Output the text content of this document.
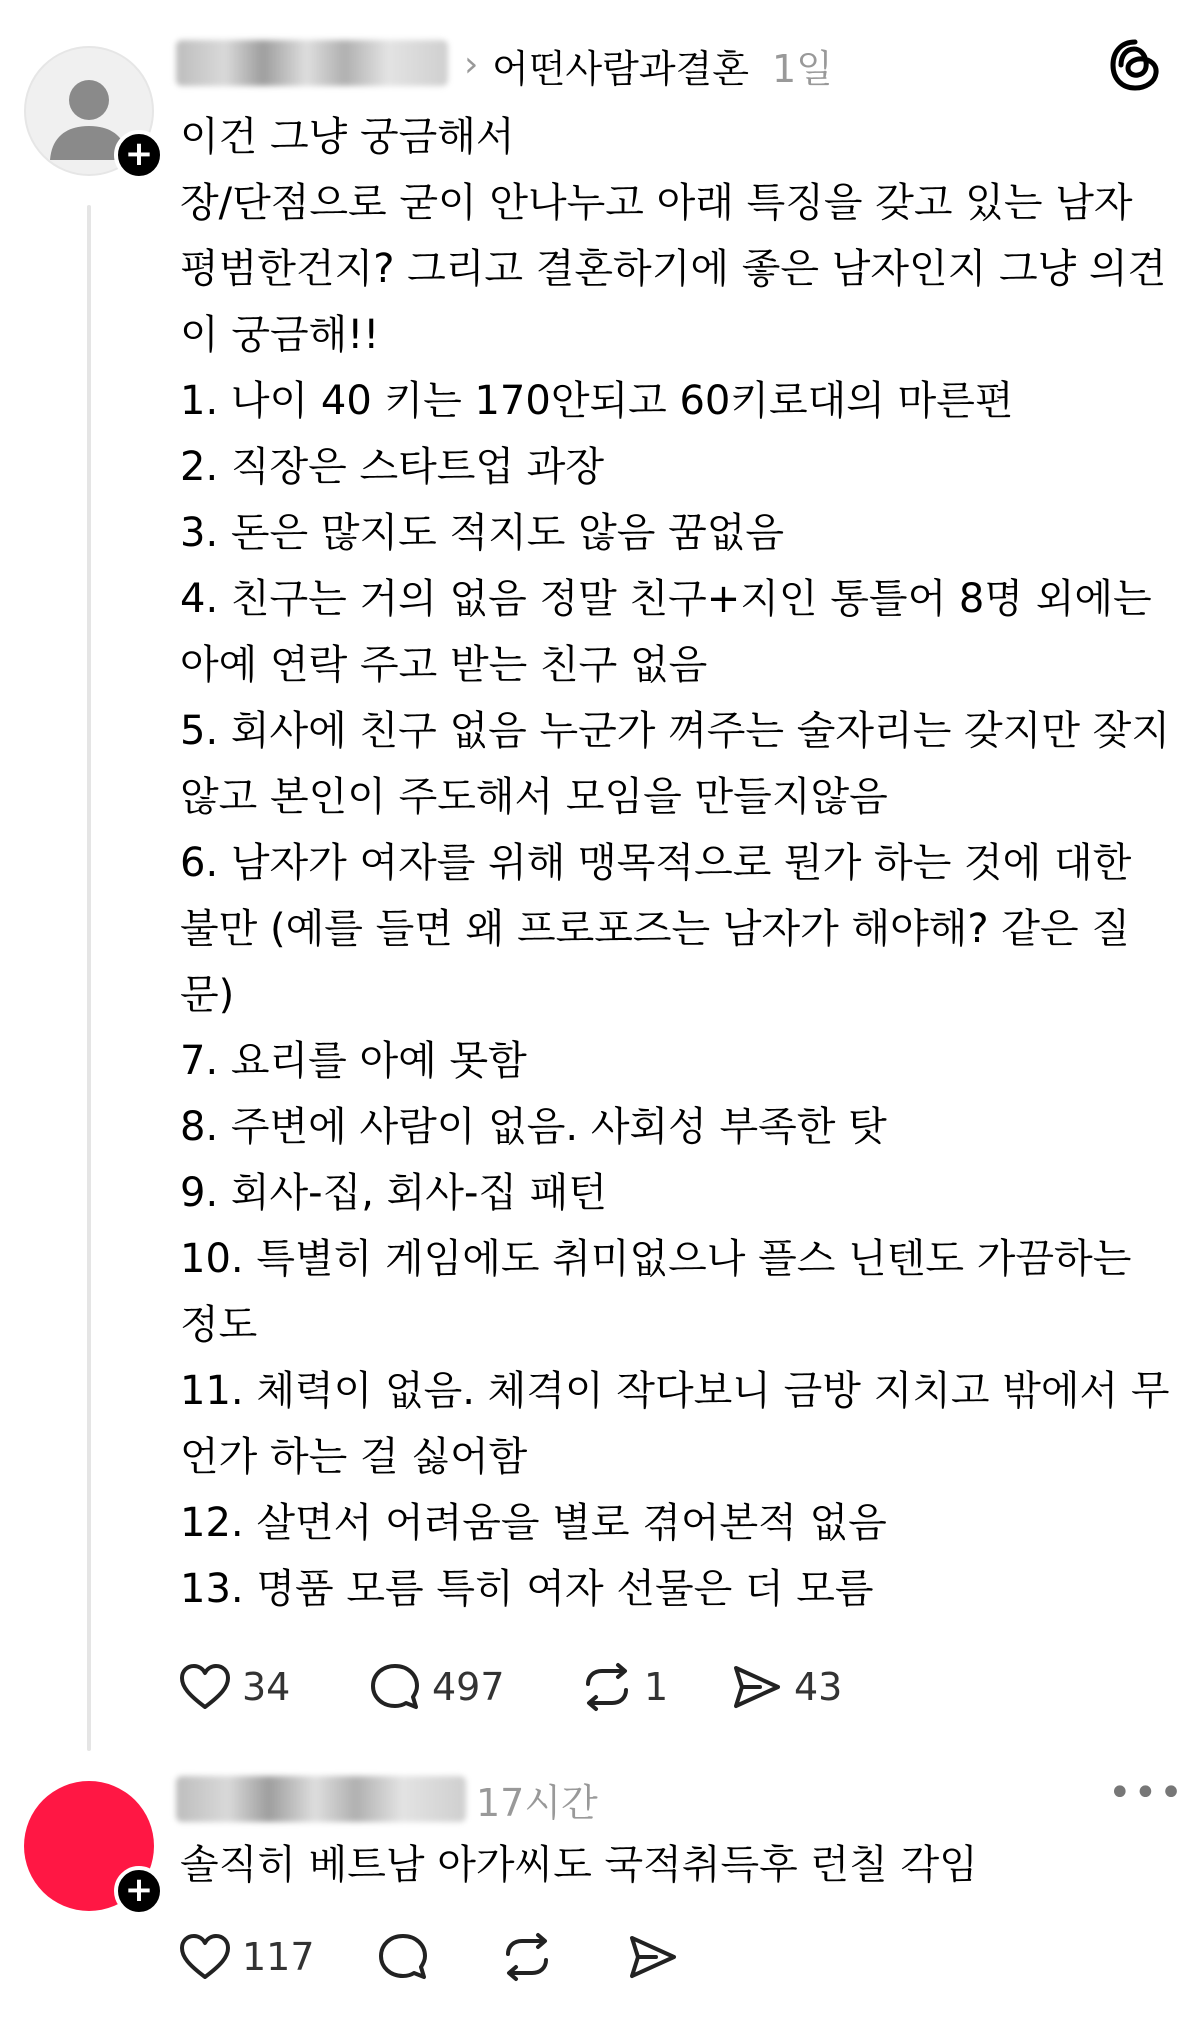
+
› 어떤사람과결혼 1일
이건 그냥 궁금해서
장/단점으로 굳이 안나누고 아래 특징을 갖고 있는 남자 평범한건지? 그리고 결혼하기에 좋은 남자인지 그냥 의견이 궁금해!!
1. 나이 40 키는 170안되고 60키로대의 마른편
2. 직장은 스타트업 과장
3. 돈은 많지도 적지도 않음 꿈없음
4. 친구는 거의 없음 정말 친구+지인 통틀어 8명 외에는 아예 연락 주고 받는 친구 없음
5. 회사에 친구 없음 누군가 껴주는 술자리는 갖지만 잦지 않고 본인이 주도해서 모임을 만들지않음
6. 남자가 여자를 위해 맹목적으로 뭔가 하는 것에 대한 불만 (예를 들면 왜 프로포즈는 남자가 해야해? 같은 질문)
7. 요리를 아예 못함
8. 주변에 사람이 없음. 사회성 부족한 탓
9. 회사-집, 회사-집 패턴
10. 특별히 게임에도 취미없으나 플스 닌텐도 가끔하는 정도
11. 체력이 없음. 체격이 작다보니 금방 지치고 밖에서 무언가 하는 걸 싫어함
12. 살면서 어려움을 별로 겪어본적 없음
13. 명품 모름 특히 여자 선물은 더 모름
34	497	1	43
+
17시간	•••
솔직히 베트남 아가씨도 국적취득후 런칠 각임
117
